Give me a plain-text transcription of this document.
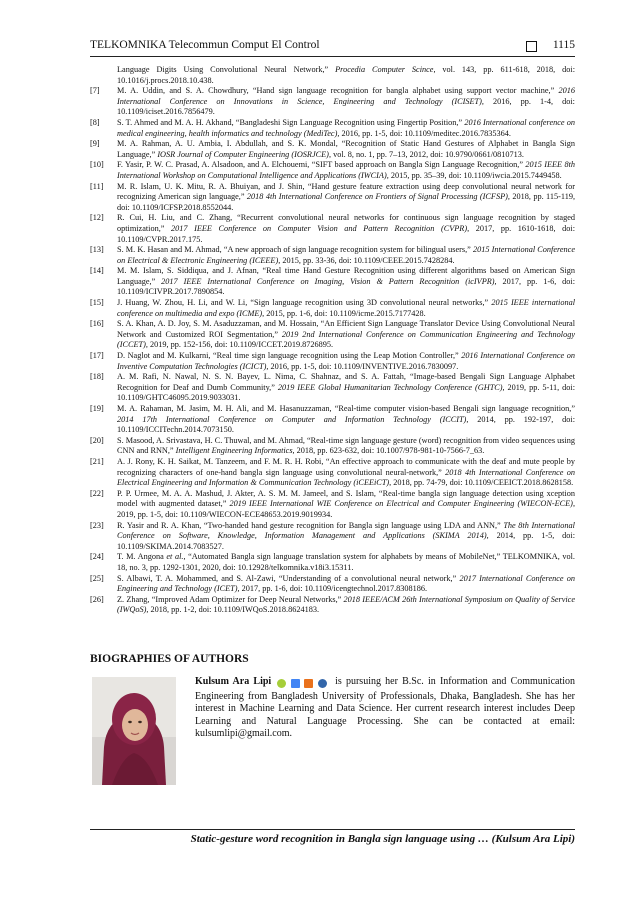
TELKOMNIKA Telecommun Comput El Control	1115
Language Digits Using Convolutional Neural Network,” Procedia Computer Scince, vol. 143, pp. 611-618, 2018, doi: 10.1016/j.procs.2018.10.438.
[7] M. A. Uddin, and S. A. Chowdhury, “Hand sign language recognition for bangla alphabet using support vector machine,” 2016 International Conference on Innovations in Science, Engineering and Technology (ICISET), 2016, pp. 1-4, doi: 10.1109/iciset.2016.7856479.
[8] S. T. Ahmed and M. A. H. Akhand, “Bangladeshi Sign Language Recognition using Fingertip Position,” 2016 International conference on medical engineering, health informatics and technology (MediTec), 2016, pp. 1-5, doi: 10.1109/meditec.2016.7835364.
[9] M. A. Rahman, A. U. Ambia, I. Abdullah, and S. K. Mondal, “Recognition of Static Hand Gestures of Alphabet in Bangla Sign Language,” IOSR Journal of Computer Engineering (IOSRJCE), vol. 8, no. 1, pp. 7–13, 2012, doi: 10.9790/0661/0810713.
[10] F. Yasir, P. W. C. Prasad, A. Alsadoon, and A. Elchouemi, “SIFT based approach on Bangla Sign Language Recognition,” 2015 IEEE 8th International Workshop on Computational Intelligence and Applications (IWCIA), 2015, pp. 35–39, doi: 10.1109/iwcia.2015.7449458.
[11] M. R. Islam, U. K. Mitu, R. A. Bhuiyan, and J. Shin, “Hand gesture feature extraction using deep convolutional neural network for recognizing American sign language,” 2018 4th International Conference on Frontiers of Signal Processing (ICFSP), 2018, pp. 115-119, doi: 10.1109/ICFSP.2018.8552044.
[12] R. Cui, H. Liu, and C. Zhang, “Recurrent convolutional neural networks for continuous sign language recognition by staged optimization,” 2017 IEEE Conference on Computer Vision and Pattern Recognition (CVPR), 2017, pp. 1610-1618, doi: 10.1109/CVPR.2017.175.
[13] S. M. K. Hasan and M. Ahmad, “A new approach of sign language recognition system for bilingual users,” 2015 International Conference on Electrical & Electronic Engineering (ICEEE), 2015, pp. 33-36, doi: 10.1109/CEEE.2015.7428284.
[14] M. M. Islam, S. Siddiqua, and J. Afnan, “Real time Hand Gesture Recognition using different algorithms based on American Sign Language,” 2017 IEEE International Conference on Imaging, Vision & Pattern Recognition (icIVPR), 2017, pp. 1-6, doi: 10.1109/ICIVPR.2017.7890854.
[15] J. Huang, W. Zhou, H. Li, and W. Li, “Sign language recognition using 3D convolutional neural networks,” 2015 IEEE international conference on multimedia and expo (ICME), 2015, pp. 1-6, doi: 10.1109/icme.2015.7177428.
[16] S. A. Khan, A. D. Joy, S. M. Asaduzzaman, and M. Hossain, “An Efficient Sign Language Translator Device Using Convolutional Neural Network and Customized ROI Segmentation,” 2019 2nd International Conference on Communication Engineering and Technology (ICCET), 2019, pp. 152-156, doi: 10.1109/ICCET.2019.8726895.
[17] D. Naglot and M. Kulkarni, “Real time sign language recognition using the Leap Motion Controller,” 2016 International Conference on Inventive Computation Technologies (ICICT), 2016, pp. 1-5, doi: 10.1109/INVENTIVE.2016.7830097.
[18] A. M. Rafi, N. Nawal, N. S. N. Bayev, L. Nima, C. Shahnaz, and S. A. Fattah, “Image-based Bengali Sign Language Alphabet Recognition for Deaf and Dumb Community,” 2019 IEEE Global Humanitarian Technology Conference (GHTC), 2019, pp. 5-11, doi: 10.1109/GHTC46095.2019.9033031.
[19] M. A. Rahaman, M. Jasim, M. H. Ali, and M. Hasanuzzaman, “Real-time computer vision-based Bengali sign language recognition,” 2014 17th International Conference on Computer and Information Technology (ICCIT), 2014, pp. 192-197, doi: 10.1109/ICCITechn.2014.7073150.
[20] S. Masood, A. Srivastava, H. C. Thuwal, and M. Ahmad, “Real-time sign language gesture (word) recognition from video sequences using CNN and RNN,” Intelligent Engineering Informatics, 2018, pp. 623-632, doi: 10.1007/978-981-10-7566-7_63.
[21] A. J. Rony, K. H. Saikat, M. Tanzeem, and F. M. R. H. Robi, “An effective approach to communicate with the deaf and mute people by recognizing characters of one-hand bangla sign language using convolutional neural-network,” 2018 4th International Conference on Electrical Engineering and Information & Communication Technology (iCEEiCT), 2018, pp. 74-79, doi: 10.1109/CEEICT.2018.8628158.
[22] P. P. Urmee, M. A. A. Mashud, J. Akter, A. S. M. M. Jameel, and S. Islam, “Real-time bangla sign language detection using xception model with augmented dataset,” 2019 IEEE International WIE Conference on Electrical and Computer Engineering (WIECON-ECE), 2019, pp. 1-5, doi: 10.1109/WIECON-ECE48653.2019.9019934.
[23] R. Yasir and R. A. Khan, “Two-handed hand gesture recognition for Bangla sign language using LDA and ANN,” The 8th International Conference on Software, Knowledge, Information Management and Applications (SKIMA 2014), 2014, pp. 1-5, doi: 10.1109/SKIMA.2014.7083527.
[24] T. M. Angona et al., “Automated Bangla sign language translation system for alphabets by means of MobileNet,” TELKOMNIKA, vol. 18, no. 3, pp. 1292-1301, 2020, doi: 10.12928/telkomnika.v18i3.15311.
[25] S. Albawi, T. A. Mohammed, and S. Al-Zawi, “Understanding of a convolutional neural network,” 2017 International Conference on Engineering and Technology (ICET), 2017, pp. 1-6, doi: 10.1109/icengtechnol.2017.8308186.
[26] Z. Zhang, “Improved Adam Optimizer for Deep Neural Networks,” 2018 IEEE/ACM 26th International Symposium on Quality of Service (IWQoS), 2018, pp. 1-2, doi: 10.1109/IWQoS.2018.8624183.
BIOGRAPHIES OF AUTHORS
Kulsum Ara Lipi	is pursuing her B.Sc. in Information and Communication Engineering from Bangladesh University of Professionals, Dhaka, Bangladesh. She has her interest in Machine Learning and Data Science. Her current research interest includes Deep Learning and Natural Language Processing. She can be contacted at email: kulsumlipi@gmail.com.
Static-gesture word recognition in Bangla sign language using … (Kulsum Ara Lipi)
